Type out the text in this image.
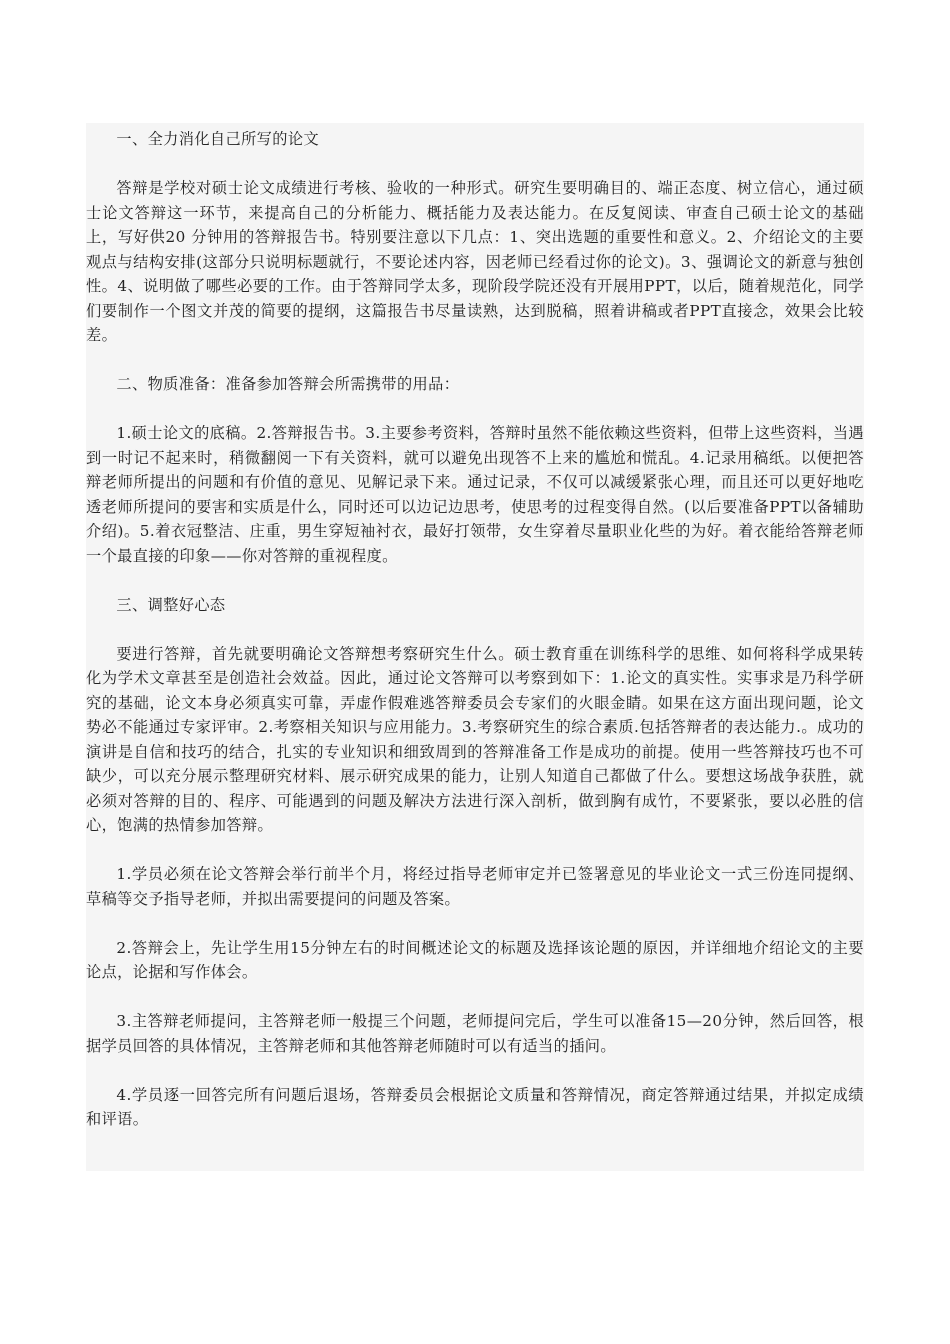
一、全力消化自己所写的论文

答辩是学校对硕士论文成绩进行考核、验收的一种形式。研究生要明确目的、端正态度、树立信心，通过硕士论文答辩这一环节，来提高自己的分析能力、概括能力及表达能力。在反复阅读、审查自己硕士论文的基础上，写好供20 分钟用的答辩报告书。特别要注意以下几点：1、突出选题的重要性和意义。2、介绍论文的主要观点与结构安排(这部分只说明标题就行，不要论述内容，因老师已经看过你的论文)。3、强调论文的新意与独创性。4、说明做了哪些必要的工作。由于答辩同学太多，现阶段学院还没有开展用PPT，以后，随着规范化，同学们要制作一个图文并茂的简要的提纲，这篇报告书尽量读熟，达到脱稿，照着讲稿或者PPT直接念，效果会比较差。

二、物质准备：准备参加答辩会所需携带的用品：

1.硕士论文的底稿。2.答辩报告书。3.主要参考资料，答辩时虽然不能依赖这些资料，但带上这些资料，当遇到一时记不起来时，稍微翻阅一下有关资料，就可以避免出现答不上来的尴尬和慌乱。4.记录用稿纸。以便把答辩老师所提出的问题和有价值的意见、见解记录下来。通过记录，不仅可以减缓紧张心理，而且还可以更好地吃透老师所提问的要害和实质是什么，同时还可以边记边思考，使思考的过程变得自然。(以后要准备PPT以备辅助介绍)。5.着衣冠整洁、庄重，男生穿短袖衬衣，最好打领带，女生穿着尽量职业化些的为好。着衣能给答辩老师一个最直接的印象——你对答辩的重视程度。

三、调整好心态

要进行答辩，首先就要明确论文答辩想考察研究生什么。硕士教育重在训练科学的思维、如何将科学成果转化为学术文章甚至是创造社会效益。因此，通过论文答辩可以考察到如下：1.论文的真实性。实事求是乃科学研究的基础，论文本身必须真实可靠，弄虚作假难逃答辩委员会专家们的火眼金睛。如果在这方面出现问题，论文势必不能通过专家评审。2.考察相关知识与应用能力。3.考察研究生的综合素质.包括答辩者的表达能力.。成功的演讲是自信和技巧的结合，扎实的专业知识和细致周到的答辩准备工作是成功的前提。使用一些答辩技巧也不可缺少，可以充分展示整理研究材料、展示研究成果的能力，让别人知道自己都做了什么。要想这场战争获胜，就必须对答辩的目的、程序、可能遇到的问题及解决方法进行深入剖析，做到胸有成竹，不要紧张，要以必胜的信心，饱满的热情参加答辩。

1.学员必须在论文答辩会举行前半个月，将经过指导老师审定并已签署意见的毕业论文一式三份连同提纲、草稿等交予指导老师，并拟出需要提问的问题及答案。

2.答辩会上，先让学生用15分钟左右的时间概述论文的标题及选择该论题的原因，并详细地介绍论文的主要论点，论据和写作体会。

3.主答辩老师提问，主答辩老师一般提三个问题，老师提问完后，学生可以准备15—20分钟，然后回答，根据学员回答的具体情况，主答辩老师和其他答辩老师随时可以有适当的插问。

4.学员逐一回答完所有问题后退场，答辩委员会根据论文质量和答辩情况，商定答辩通过结果，并拟定成绩和评语。
